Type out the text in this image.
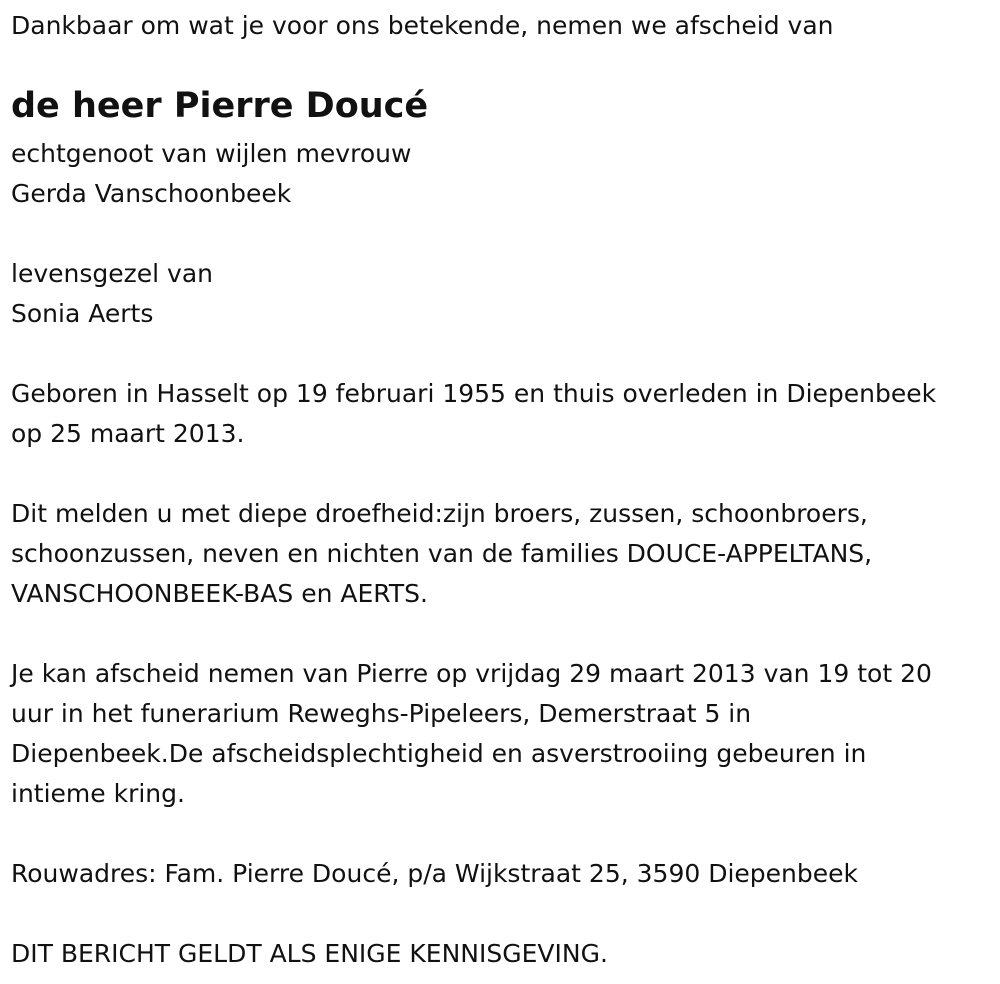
Dankbaar om wat je voor ons betekende, nemen we afscheid van

de heer Pierre Doucé

echtgenoot van wijlen mevrouw

Gerda Vanschoonbeek

levensgezel van

Sonia Aerts

Geboren in Hasselt op 19 februari 1955 en thuis overleden in Diepenbeek

op 25 maart 2013.

Dit melden u met diepe droefheid:zijn broers, zussen, schoonbroers,

schoonzussen, neven en nichten van de families DOUCE-APPELTANS,

VANSCHOONBEEK-BAS en AERTS.

Je kan afscheid nemen van Pierre op vrijdag 29 maart 2013 van 19 tot 20

uur in het funerarium Reweghs-Pipeleers, Demerstraat 5 in

Diepenbeek.De afscheidsplechtigheid en asverstrooiing gebeuren in

intieme kring.

Rouwadres: Fam. Pierre Doucé, p/a Wijkstraat 25, 3590 Diepenbeek

DIT BERICHT GELDT ALS ENIGE KENNISGEVING.
